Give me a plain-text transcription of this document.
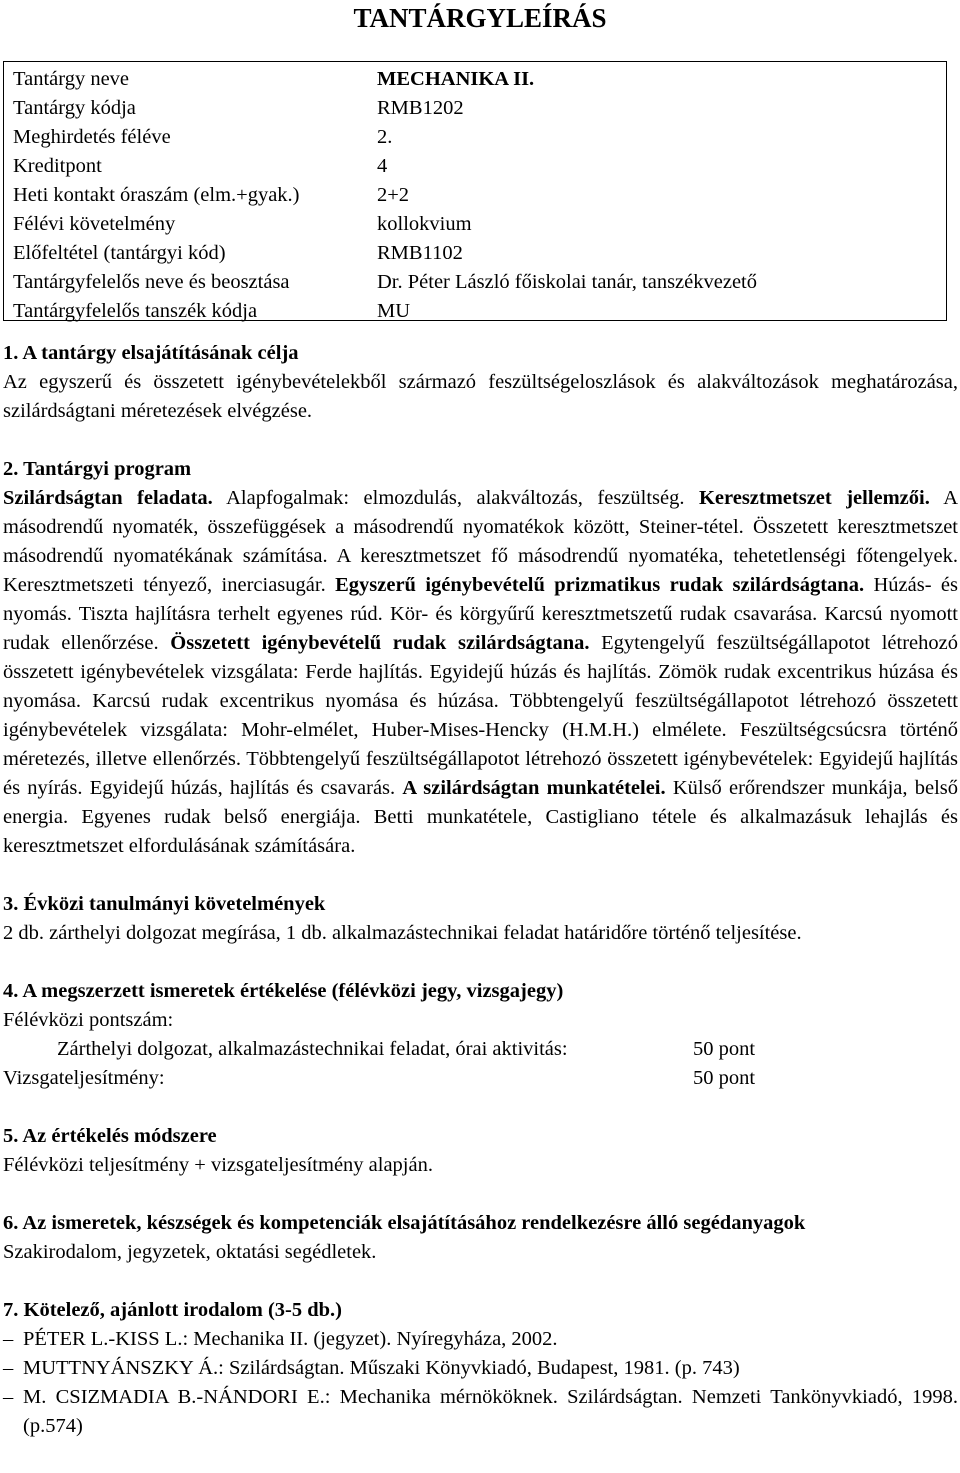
TANTÁRGYLEÍRÁS
Tantárgy neve	MECHANIKA II.
Tantárgy kódja	RMB1202
Meghirdetés féléve	2.
Kreditpont	4
Heti kontakt óraszám (elm.+gyak.)	2+2
Félévi követelmény	kollokvium
Előfeltétel (tantárgyi kód)	RMB1102
Tantárgyfelelős neve és beosztása	Dr. Péter László főiskolai tanár, tanszékvezető
Tantárgyfelelős tanszék kódja	MU
1. A tantárgy elsajátításának célja

Az egyszerű és összetett igénybevételekből származó feszültségeloszlások és alakváltozások meghatározása, szilárdságtani méretezések elvégzése.

2. Tantárgyi program

Szilárdságtan feladata. Alapfogalmak: elmozdulás, alakváltozás, feszültség. Keresztmetszet jellemzői. A másodrendű nyomaték, összefüggések a másodrendű nyomatékok között, Steiner-tétel. Összetett keresztmetszet másodrendű nyomatékának számítása. A keresztmetszet fő másodrendű nyomatéka, tehetetlenségi főtengelyek. Keresztmetszeti tényező, inerciasugár. Egyszerű igénybevételű prizmatikus rudak szilárdságtana. Húzás- és nyomás. Tiszta hajlításra terhelt egyenes rúd. Kör- és körgyűrű keresztmetszetű rudak csavarása. Karcsú nyomott rudak ellenőrzése. Összetett igénybevételű rudak szilárdságtana. Egytengelyű feszültségállapotot létrehozó összetett igénybevételek vizsgálata: Ferde hajlítás. Egyidejű húzás és hajlítás. Zömök rudak excentrikus húzása és nyomása. Karcsú rudak excentrikus nyomása és húzása. Többtengelyű feszültségállapotot létrehozó összetett igénybevételek vizsgálata: Mohr-elmélet, Huber-Mises-Hencky (H.M.H.) elmélete. Feszültségcsúcsra történő méretezés, illetve ellenőrzés. Többtengelyű feszültségállapotot létrehozó összetett igénybevételek: Egyidejű hajlítás és nyírás. Egyidejű húzás, hajlítás és csavarás. A szilárdságtan munkatételei. Külső erőrendszer munkája, belső energia. Egyenes rudak belső energiája. Betti munkatétele, Castigliano tétele és alkalmazásuk lehajlás és keresztmetszet elfordulásának számítására.

3. Évközi tanulmányi követelmények

2 db. zárthelyi dolgozat megírása, 1 db. alkalmazástechnikai feladat határidőre történő teljesítése.

4. A megszerzett ismeretek értékelése (félévközi jegy, vizsgajegy)
Félévközi pontszám:
Zárthelyi dolgozat, alkalmazástechnikai feladat, órai aktivitás:	50 pont
Vizsgateljesítmény:	50 pont
5. Az értékelés módszere

Félévközi teljesítmény + vizsgateljesítmény alapján.

6. Az ismeretek, készségek és kompetenciák elsajátításához rendelkezésre álló segédanyagok

Szakirodalom, jegyzetek, oktatási segédletek.

7. Kötelező, ajánlott irodalom (3-5 db.)
– PÉTER L.-KISS L.: Mechanika II. (jegyzet). Nyíregyháza, 2002.
– MUTTNYÁNSZKY Á.: Szilárdságtan. Műszaki Könyvkiadó, Budapest, 1981. (p. 743)
– M. CSIZMADIA B.-NÁNDORI E.: Mechanika mérnököknek. Szilárdságtan. Nemzeti Tankönyvkiadó, 1998. (p.574)
